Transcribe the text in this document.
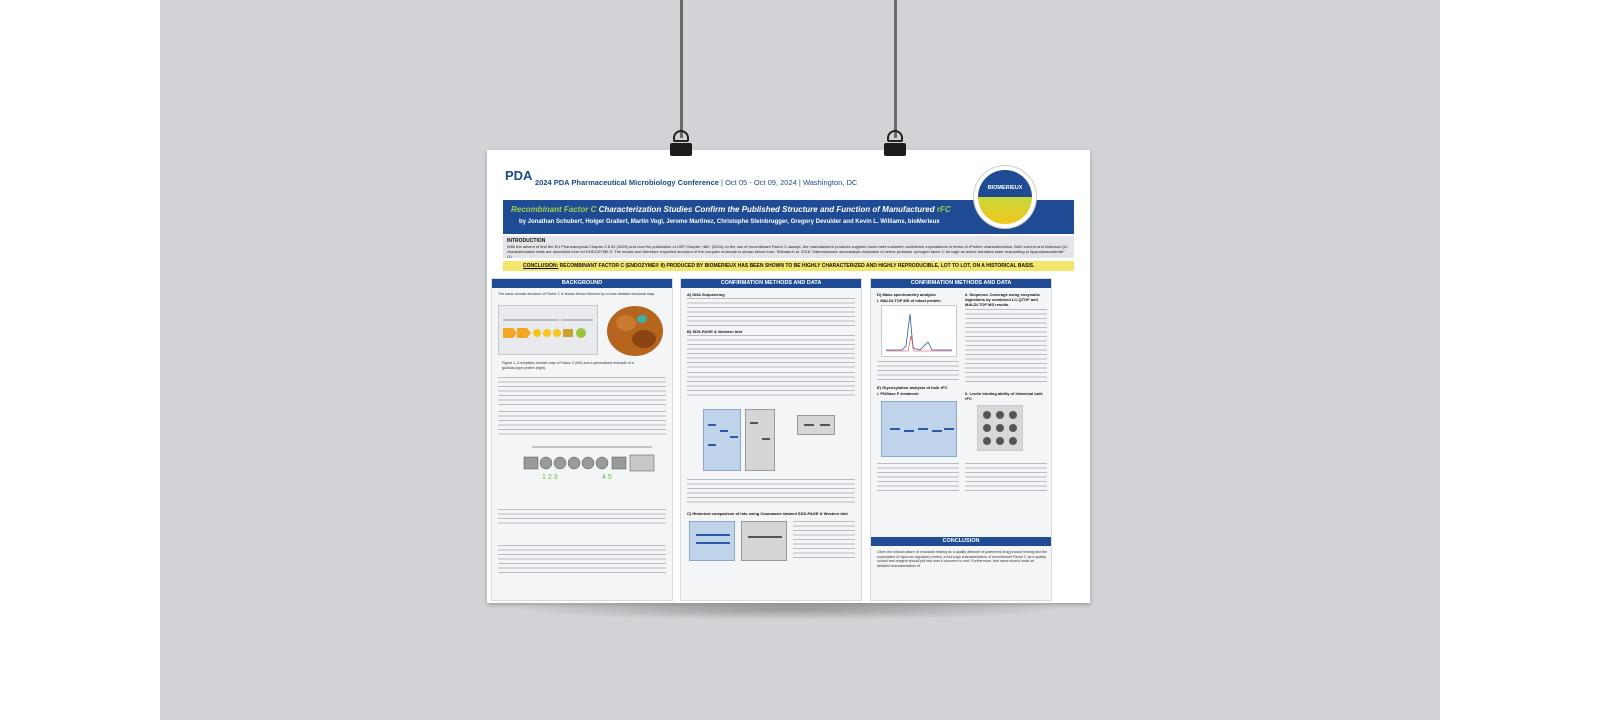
PDA 2024 PDA Pharmaceutical Microbiology Conference | Oct 05 - Oct 09, 2024 | Washington, DC
Recombinant Factor C Characterization Studies Confirm the Published Structure and Function of Manufactured rFC
by Jonathan Schubert, Holger Grallert, Martin Vogl, Jerome Martinez, Christophe Steinbrugger, Gregory Devulder and Kevin L. Williams, bioMerieux
BIOMÉRIEUX
INTRODUCTION
With the advent of first the EU Pharmacopeial Chapter 2.6.32 (2020) and now the publication of USP Chapter <86> (2024) on the use of recombinant Factor C assays, the manufactured products supplied must meet customer confidence expectations in terms of rProtein characterization. Both current and historical QC characterization tests are described here for ENDOZYME II. The known and therefore expected structure of the complex molecule is shown below from: Shibata et al. 2018 "Intermolecular autocatalytic activation of serine protease zymogen factor C through an active transition state responding to lipopolysaccharide" (1).
CONCLUSION: RECOMBINANT FACTOR C (ENDOZYME® II) PRODUCED BY BIOMERIEUX HAS BEEN SHOWN TO BE HIGHLY CHARACTERIZED AND HIGHLY REPRODUCIBLE, LOT TO LOT, ON A HISTORICAL BASIS.
BACKGROUND
The basic domain structure of Factor C is shown below followed by a more detailed structural map.
Figure 1. A simplistic domain map of Factor C (left) and a generalized example of a globular-type protein (right).
1 2 3	4 5
CONFIRMATION METHODS AND DATA
A) DNA Sequencing
B) SDS-PAGE & Western blot
C) Historical comparison of lots using Coomassie stained SDS-PAGE & Western blot
CONFIRMATION METHODS AND DATA
D) Mass spectrometry analysis
i. MALDI-TOF MS of intact protein
ii. Sequence Coverage using enzymatic digestions by combined LC-QTOF and MALDI-TOF MS results.
E) Glycosylation analysis of bulk rFC
i. PNGase F treatment	ii. Lectin binding ability of historical bulk rFC
CONCLUSION
Given the critical nature of endotoxin testing as a quality attribute of parenteral drug product testing and the expectation of rigorous regulatory review, a thorough characterization of recombinant Factor C as a quality control test reagent should put test user's concerns to rest. Furthermore, test users should insist on detailed characterization of
